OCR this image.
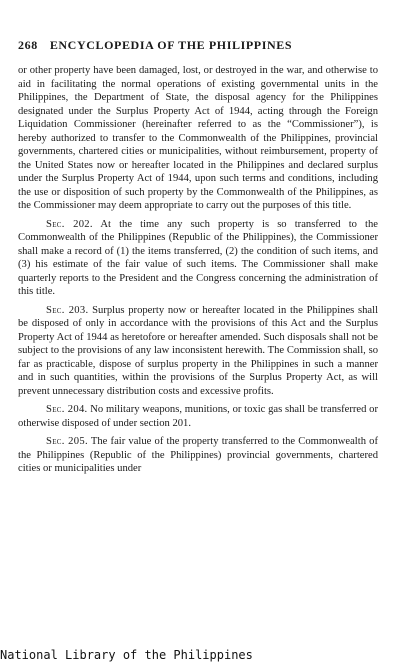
268 ENCYCLOPEDIA OF THE PHILIPPINES

or other property have been damaged, lost, or destroyed in the war, and otherwise to aid in facilitating the normal operations of existing governmental units in the Philippines, the Department of State, the disposal agency for the Philippines designated under the Surplus Property Act of 1944, acting through the Foreign Liquidation Commissioner (hereinafter referred to as the “Commissioner”), is hereby authorized to transfer to the Commonwealth of the Philippines, provincial governments, chartered cities or municipalities, without reimbursement, property of the United States now or hereafter located in the Philippines and declared surplus under the Surplus Property Act of 1944, upon such terms and conditions, including the use or disposition of such property by the Commonwealth of the Philippines, as the Commissioner may deem appropriate to carry out the purposes of this title.

Sec. 202. At the time any such property is so transferred to the Commonwealth of the Philippines (Republic of the Philippines), the Commissioner shall make a record of (1) the items transferred, (2) the condition of such items, and (3) his estimate of the fair value of such items. The Commissioner shall make quarterly reports to the President and the Congress concerning the administration of this title.

Sec. 203. Surplus property now or hereafter located in the Philippines shall be disposed of only in accordance with the provisions of this Act and the Surplus Property Act of 1944 as heretofore or hereafter amended. Such disposals shall not be subject to the provisions of any law inconsistent herewith. The Commission shall, so far as practicable, dispose of surplus property in the Philippines in such a manner and in such quantities, within the provisions of the Surplus Property Act, as will prevent unnecessary distribution costs and excessive profits.

Sec. 204. No military weapons, munitions, or toxic gas shall be transferred or otherwise disposed of under section 201.

Sec. 205. The fair value of the property transferred to the Commonwealth of the Philippines (Republic of the Philippines) provincial governments, chartered cities or municipalities under

National Library of the Philippines
